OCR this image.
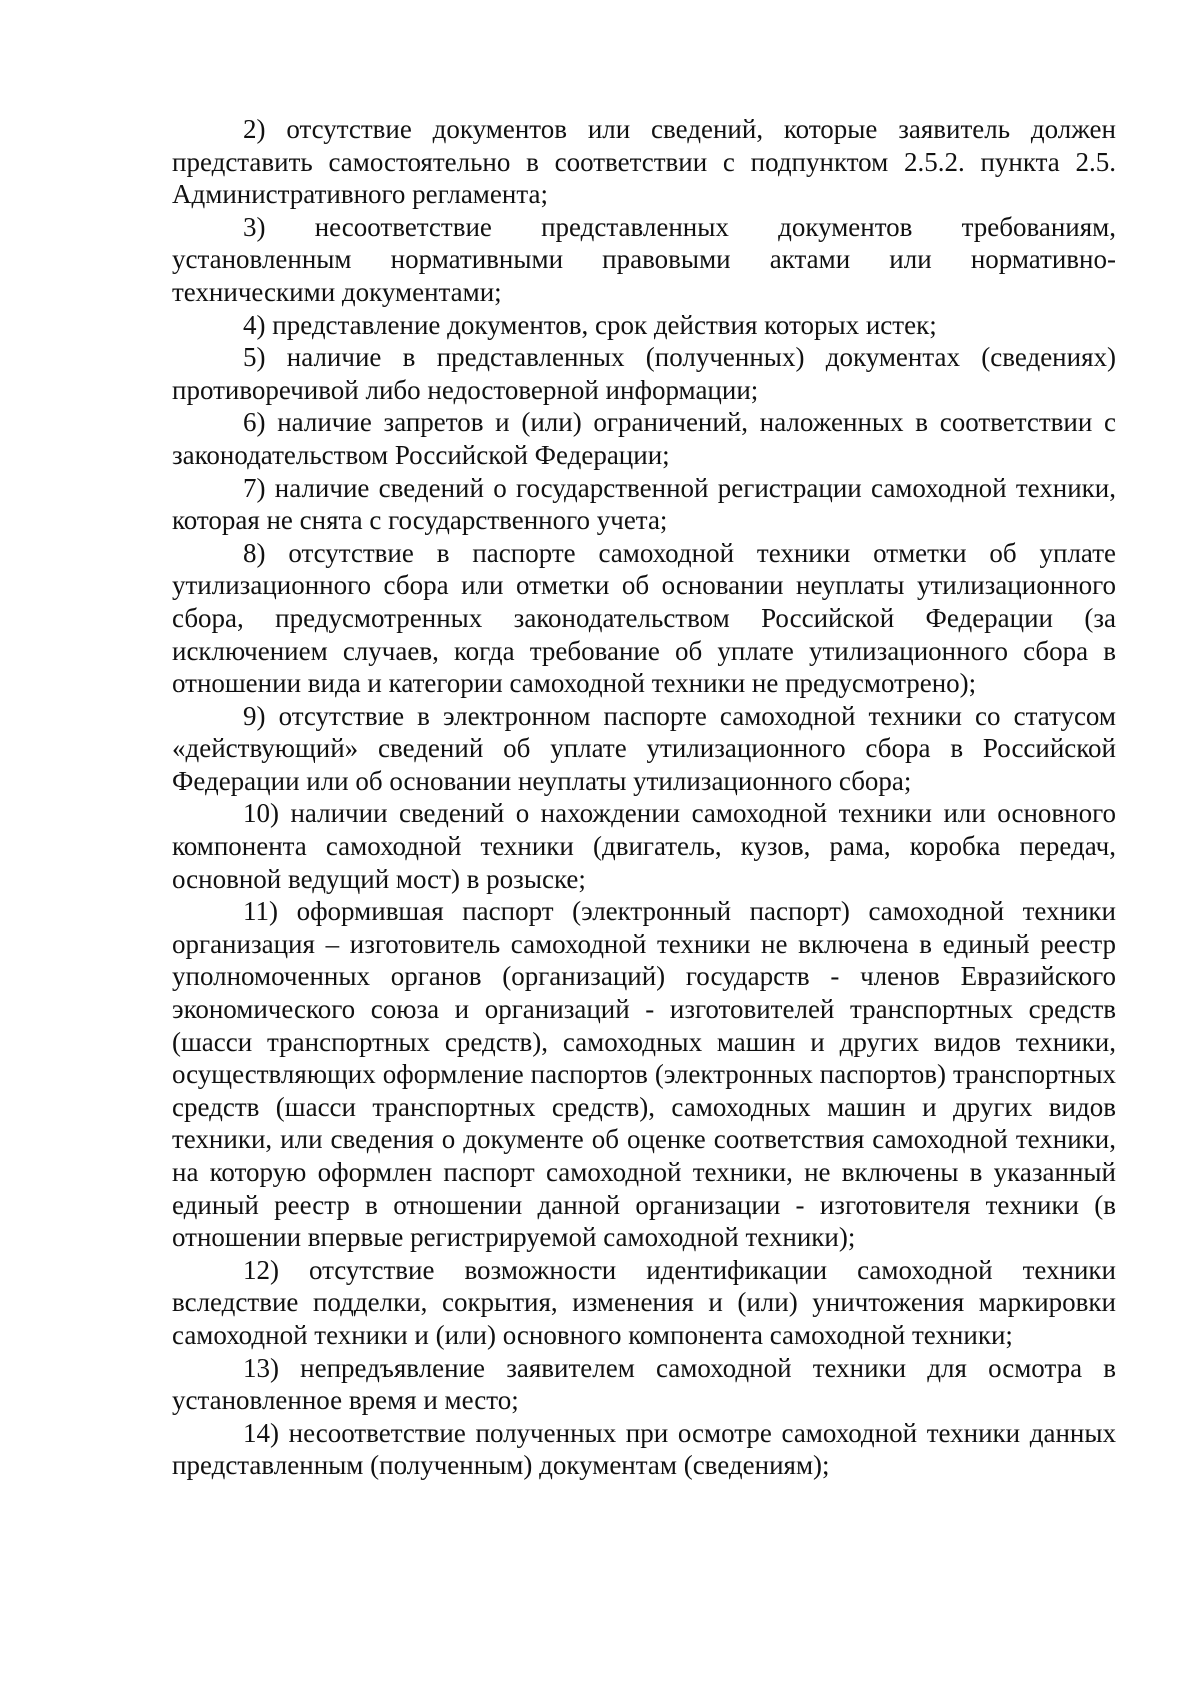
2) отсутствие документов или сведений, которые заявитель должен представить самостоятельно в соответствии с подпунктом 2.5.2. пункта 2.5. Административного регламента;

3) несоответствие представленных документов требованиям, установленным нормативными правовыми актами или нормативно-техническими документами;

4) представление документов, срок действия которых истек;

5) наличие в представленных (полученных) документах (сведениях) противоречивой либо недостоверной информации;

6) наличие запретов и (или) ограничений, наложенных в соответствии с законодательством Российской Федерации;

7) наличие сведений о государственной регистрации самоходной техники, которая не снята с государственного учета;

8) отсутствие в паспорте самоходной техники отметки об уплате утилизационного сбора или отметки об основании неуплаты утилизационного сбора, предусмотренных законодательством Российской Федерации (за исключением случаев, когда требование об уплате утилизационного сбора в отношении вида и категории самоходной техники не предусмотрено);

9) отсутствие в электронном паспорте самоходной техники со статусом «действующий» сведений об уплате утилизационного сбора в Российской Федерации или об основании неуплаты утилизационного сбора;

10) наличии сведений о нахождении самоходной техники или основного компонента самоходной техники (двигатель, кузов, рама, коробка передач, основной ведущий мост) в розыске;

11) оформившая паспорт (электронный паспорт) самоходной техники организация – изготовитель самоходной техники не включена в единый реестр уполномоченных органов (организаций) государств - членов Евразийского экономического союза и организаций - изготовителей транспортных средств (шасси транспортных средств), самоходных машин и других видов техники, осуществляющих оформление паспортов (электронных паспортов) транспортных средств (шасси транспортных средств), самоходных машин и других видов техники, или сведения о документе об оценке соответствия самоходной техники, на которую оформлен паспорт самоходной техники, не включены в указанный единый реестр в отношении данной организации - изготовителя техники (в отношении впервые регистрируемой самоходной техники);

12) отсутствие возможности идентификации самоходной техники вследствие подделки, сокрытия, изменения и (или) уничтожения маркировки самоходной техники и (или) основного компонента самоходной техники;

13) непредъявление заявителем самоходной техники для осмотра в установленное время и место;

14) несоответствие полученных при осмотре самоходной техники данных представленным (полученным) документам (сведениям);
